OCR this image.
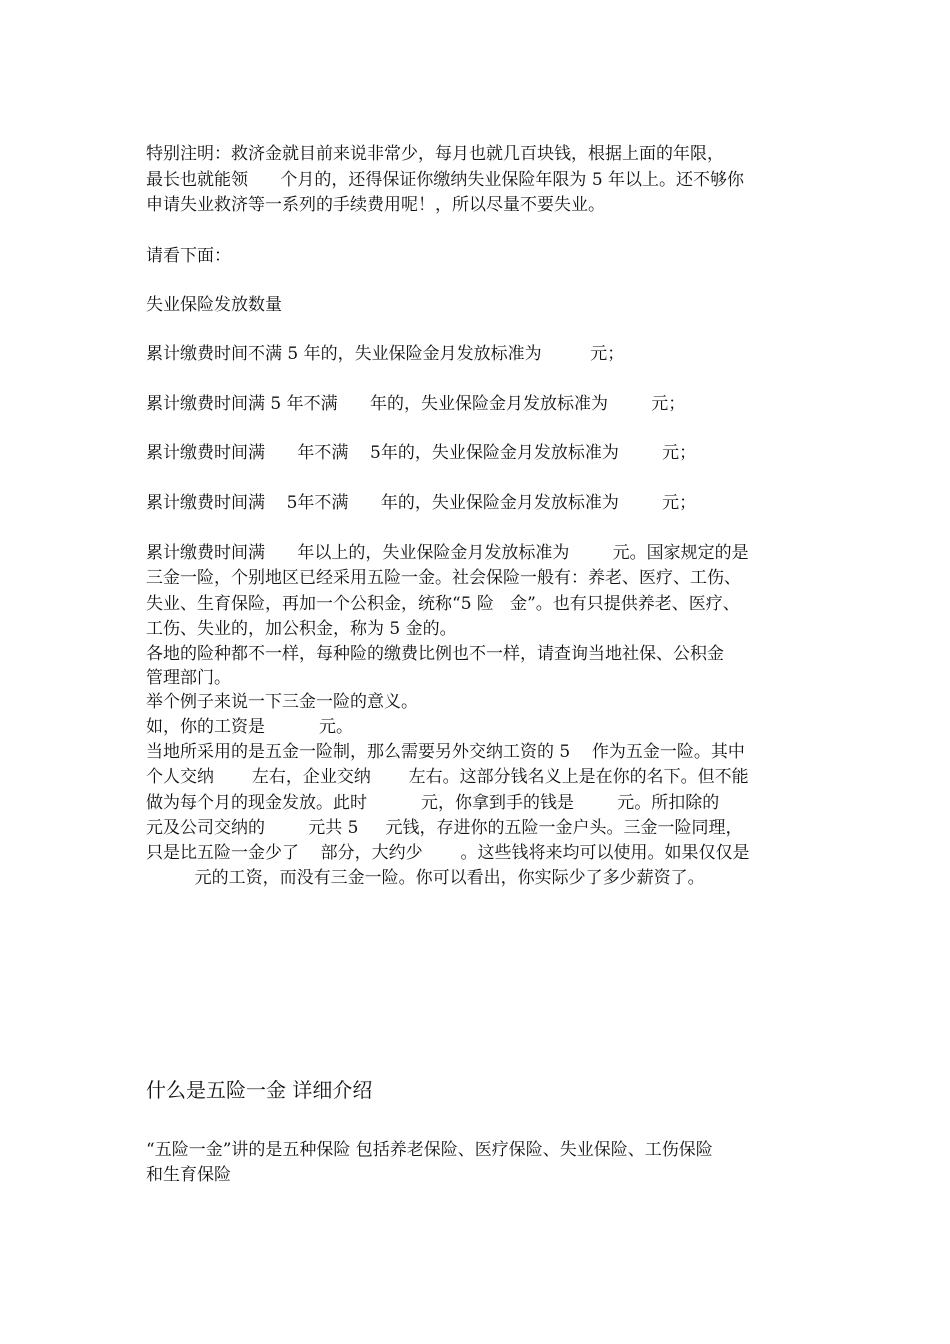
特别注明：救济金就目前来说非常少，每月也就几百块钱，根据上面的年限，
最长也就能领      个月的，还得保证你缴纳失业保险年限为 5 年以上。还不够你
申请失业救济等一系列的手续费用呢！，所以尽量不要失业。
请看下面：
失业保险发放数量
累计缴费时间不满 5 年的，失业保险金月发放标准为         元；
累计缴费时间满 5 年不满      年的，失业保险金月发放标准为        元；
累计缴费时间满      年不满    5年的，失业保险金月发放标准为        元；
累计缴费时间满    5年不满      年的，失业保险金月发放标准为        元；
累计缴费时间满      年以上的，失业保险金月发放标准为        元。国家规定的是
三金一险，个别地区已经采用五险一金。社会保险一般有：养老、医疗、工伤、
失业、生育保险，再加一个公积金，统称“5 险   金”。也有只提供养老、医疗、
工伤、失业的，加公积金，称为 5 金的。
各地的险种都不一样，每种险的缴费比例也不一样，请查询当地社保、公积金
管理部门。
举个例子来说一下三金一险的意义。
如，你的工资是          元。
当地所采用的是五金一险制，那么需要另外交纳工资的 5    作为五金一险。其中
个人交纳       左右，企业交纳       左右。这部分钱名义上是在你的名下。但不能
做为每个月的现金发放。此时          元，你拿到手的钱是        元。所扣除的
元及公司交纳的        元共 5     元钱，存进你的五险一金户头。三金一险同理，
只是比五险一金少了    部分，大约少       。这些钱将来均可以使用。如果仅仅是
元的工资，而没有三金一险。你可以看出，你实际少了多少薪资了。
什么是五险一金 详细介绍
“五险一金”讲的是五种保险 包括养老保险、医疗保险、失业保险、工伤保险
和生育保险
